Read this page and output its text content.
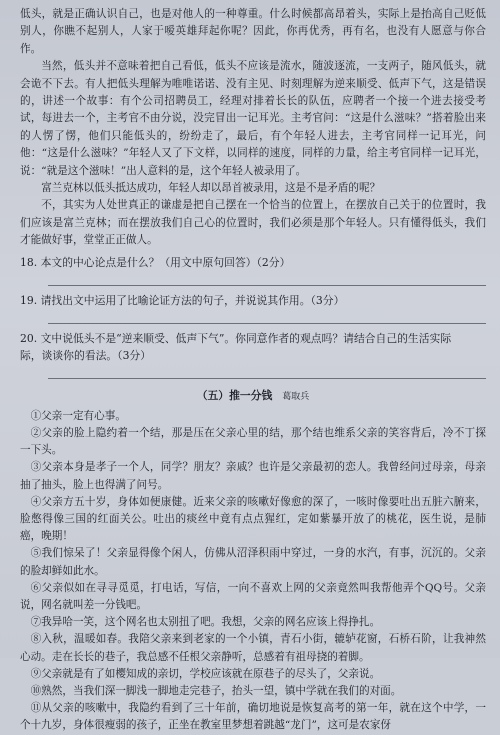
低头，就是正确认识自己，也是对他人的一种尊重。什么时候都高昂着头，实际上是抬高自己贬低别人，你瞧不起别人，人家于嗳英雄拜起你呢？因此，你再优秀，再有名，也没有人愿意与你合作。

当然，低头并不意味着把自己看低，低头不应该是流水，随波逐流，一支两子，随风低头，就会诡不下去。有人把低头理解为唯唯诺诺、没有主见、时刻理解为逆来顺受、低声下气，这是错误的，讲述一个故事：有个公司招聘员工，经理对排着长长的队伍，应聘者一个接一个进去接受考试，每进去一个，主考官不由分说，没完冒出一记耳光。主考官问：“这是什么滋味？”搭着脸出来的人愣了愣，他们只能低头的，纷纷走了，最后，有个年轻人进去，主考官同样一记耳光，问他：“这是什么滋味？”年轻人又了下文样，以同样的速度，同样的力量，给主考官同样一记耳光，说：“就是这个滋味！”出人意料的是，这个年轻人被录用了。

富兰克林以低头抵达成功，年轻人却以昂首被录用，这是不是矛盾的呢？

不，其实为人处世真正的谦虚是把自己摆在一个恰当的位置上，在摆放自己关于的位置时，我们应该是富兰克林；而在摆放我们自己心的位置时，我们必须是那个年轻人。只有懂得低头，我们才能做好事，堂堂正正做人。

18. 本文的中心论点是什么？（用文中原句回答）（2分）

19. 请找出文中运用了比喻论证方法的句子，并说说其作用。（3分）

20. 文中说低头不是“逆来顺受、低声下气”。你同意作者的观点吗？请结合自己的生活实际

际，谈谈你的看法。（3分）

（五）推一分钱 葛取兵

①父亲一定有心事。

②父亲的脸上隐约着一个结，那是压在父亲心里的结，那个结也维系父亲的笑容背后，冷不丁探一下头。

③父亲本身是孝子一个人，同学？朋友？亲戚？也许是父亲最初的恋人。我曾经问过母亲，母亲抽了抽头，脸上也得满了问号。

④父亲方五十岁，身体如便康健。近来父亲的咳嗽好像愈的深了，一咳时像要吐出五脏六腑来，脸憋得像三国的红面关公。吐出的痰丝中竟有点点猩红，定如紫暴开放了的桃花，医生说，是肺癌，晚期！

⑤我们惊呆了！父亲显得像个闲人，仿佛从沼泽积雨中穿过，一身的水汽，有事，沉沉的。父亲的脸却鲜如此水。

⑥父亲似如在寻寻觅觅，打电话，写信，一向不喜欢上网的父亲竟然叫我帮他弄个QQ号。父亲说，网名就叫差一分钱吧。

⑦我异哈一笑，这个网名也太别扭了吧。我想，父亲的网名应该上得挣扎。

⑧入秋，温暖如春。我陪父亲来到老家的一个小镇，青石小街，辘轳花窗，石桥石阶，让我神然心动。走在长长的巷子，我总感不任根父亲静听，总感着有祖母挠的着脚。

⑨父亲就是有了如樱知成的亲切，学校应该就在原巷子的尽头了，父亲说。

⑩熟然，当我们深一脚浅一脚地走完巷子，抬头一望，镇中学就在我们的对面。

⑪从父亲的咳嗽中，我隐约看到了三十年前，确切地说是恢复高考的第一年，就在这个中学，一个十九岁，身体很瘦弱的孩子，正坐在教室里梦想着跳越“龙门”，这可是农家伢
